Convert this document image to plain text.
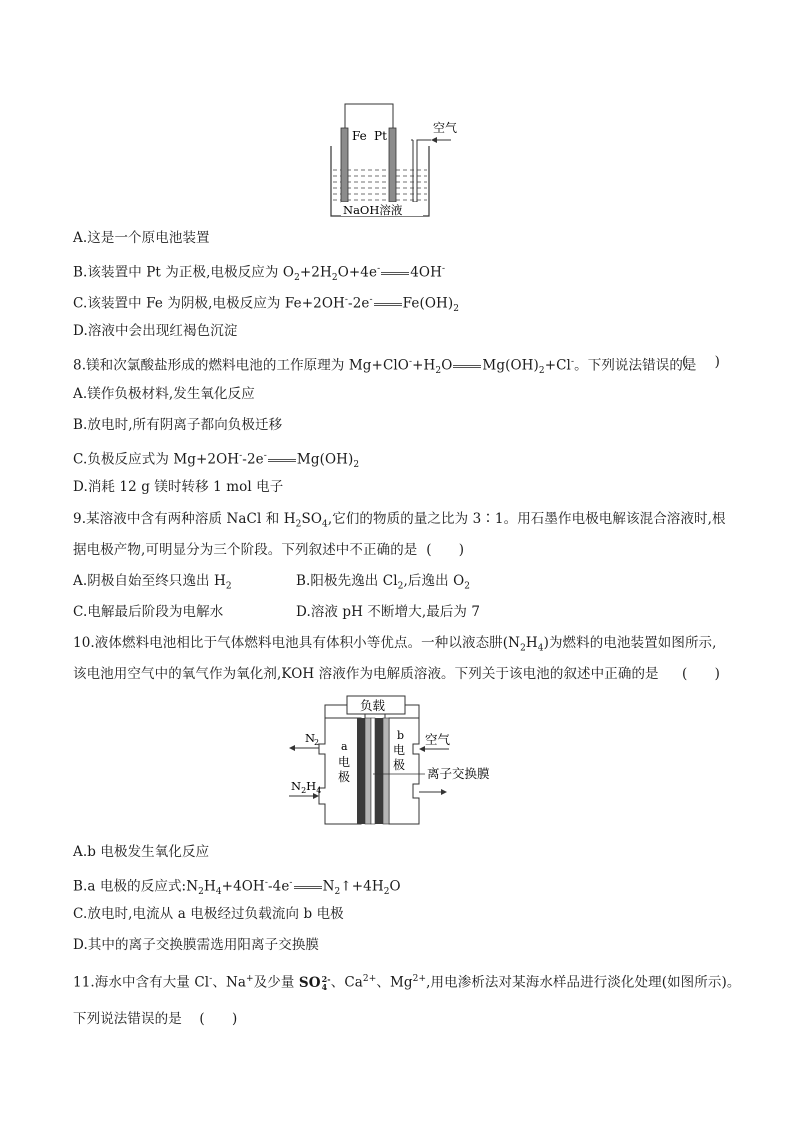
Fe Pt
空气
NaOH溶液
A.这是一个原电池装置
B.该装置中 Pt 为正极,电极反应为 $O_2+2H_2O+4e^-$ 4OH-
C.该装置中 Fe 为阴极,电极反应为 Fe+2OH--2e- $Fe(OH)_2$
D.溶液中会出现红褐色沉淀
8.镁和次氯酸盐形成的燃料电池的工作原理为 $Mg+ClO^-+H_2O$ $Mg(OH)_2+Cl^-$。下列说法错误的是
(　　)
A.镁作负极材料,发生氧化反应
B.放电时,所有阴离子都向负极迁移
C.负极反应式为 Mg+2OH--2e- $Mg(OH)_2$
D.消耗 12 g 镁时转移 1 mol 电子
9.某溶液中含有两种溶质 NaCl 和 $H_2SO_4$,它们的物质的量之比为 3∶1。用石墨作电极电解该混合溶液时,根
据电极产物,可明显分为三个阶段。下列叙述中不正确的是 (　　)
A.阴极自始至终只逸出 $H_2$	B.阳极先逸出 $Cl_2$,后逸出 $O_2$
C.电解最后阶段为电解水	D.溶液 pH 不断增大,最后为 7
10.液体燃料电池相比于气体燃料电池具有体积小等优点。一种以液态肼$(N_2H_4)$为燃料的电池装置如图所示,
该电池用空气中的氧气作为氧化剂,KOH 溶液作为电解质溶液。下列关于该电池的叙述中正确的是 (　　)
负载
a
电
极
b
电
极
N
2
$N_2H_4$
空气
离子交换膜
A.b 电极发生氧化反应
B.a 电极的反应式$:N_2H_4+4OH^--4e^-$ $N_2↑+4H_2O$
C.放电时,电流从 a 电极经过负载流向 b 电极
D.其中的离子交换膜需选用阳离子交换膜
11.海水中含有大量 Cl-、Na+及少量 SO 2-
4 、$Ca^{2+}$、$Mg^{2+}$,用电渗析法对某海水样品进行淡化处理(如图所示)。
下列说法错误的是 (　　)
